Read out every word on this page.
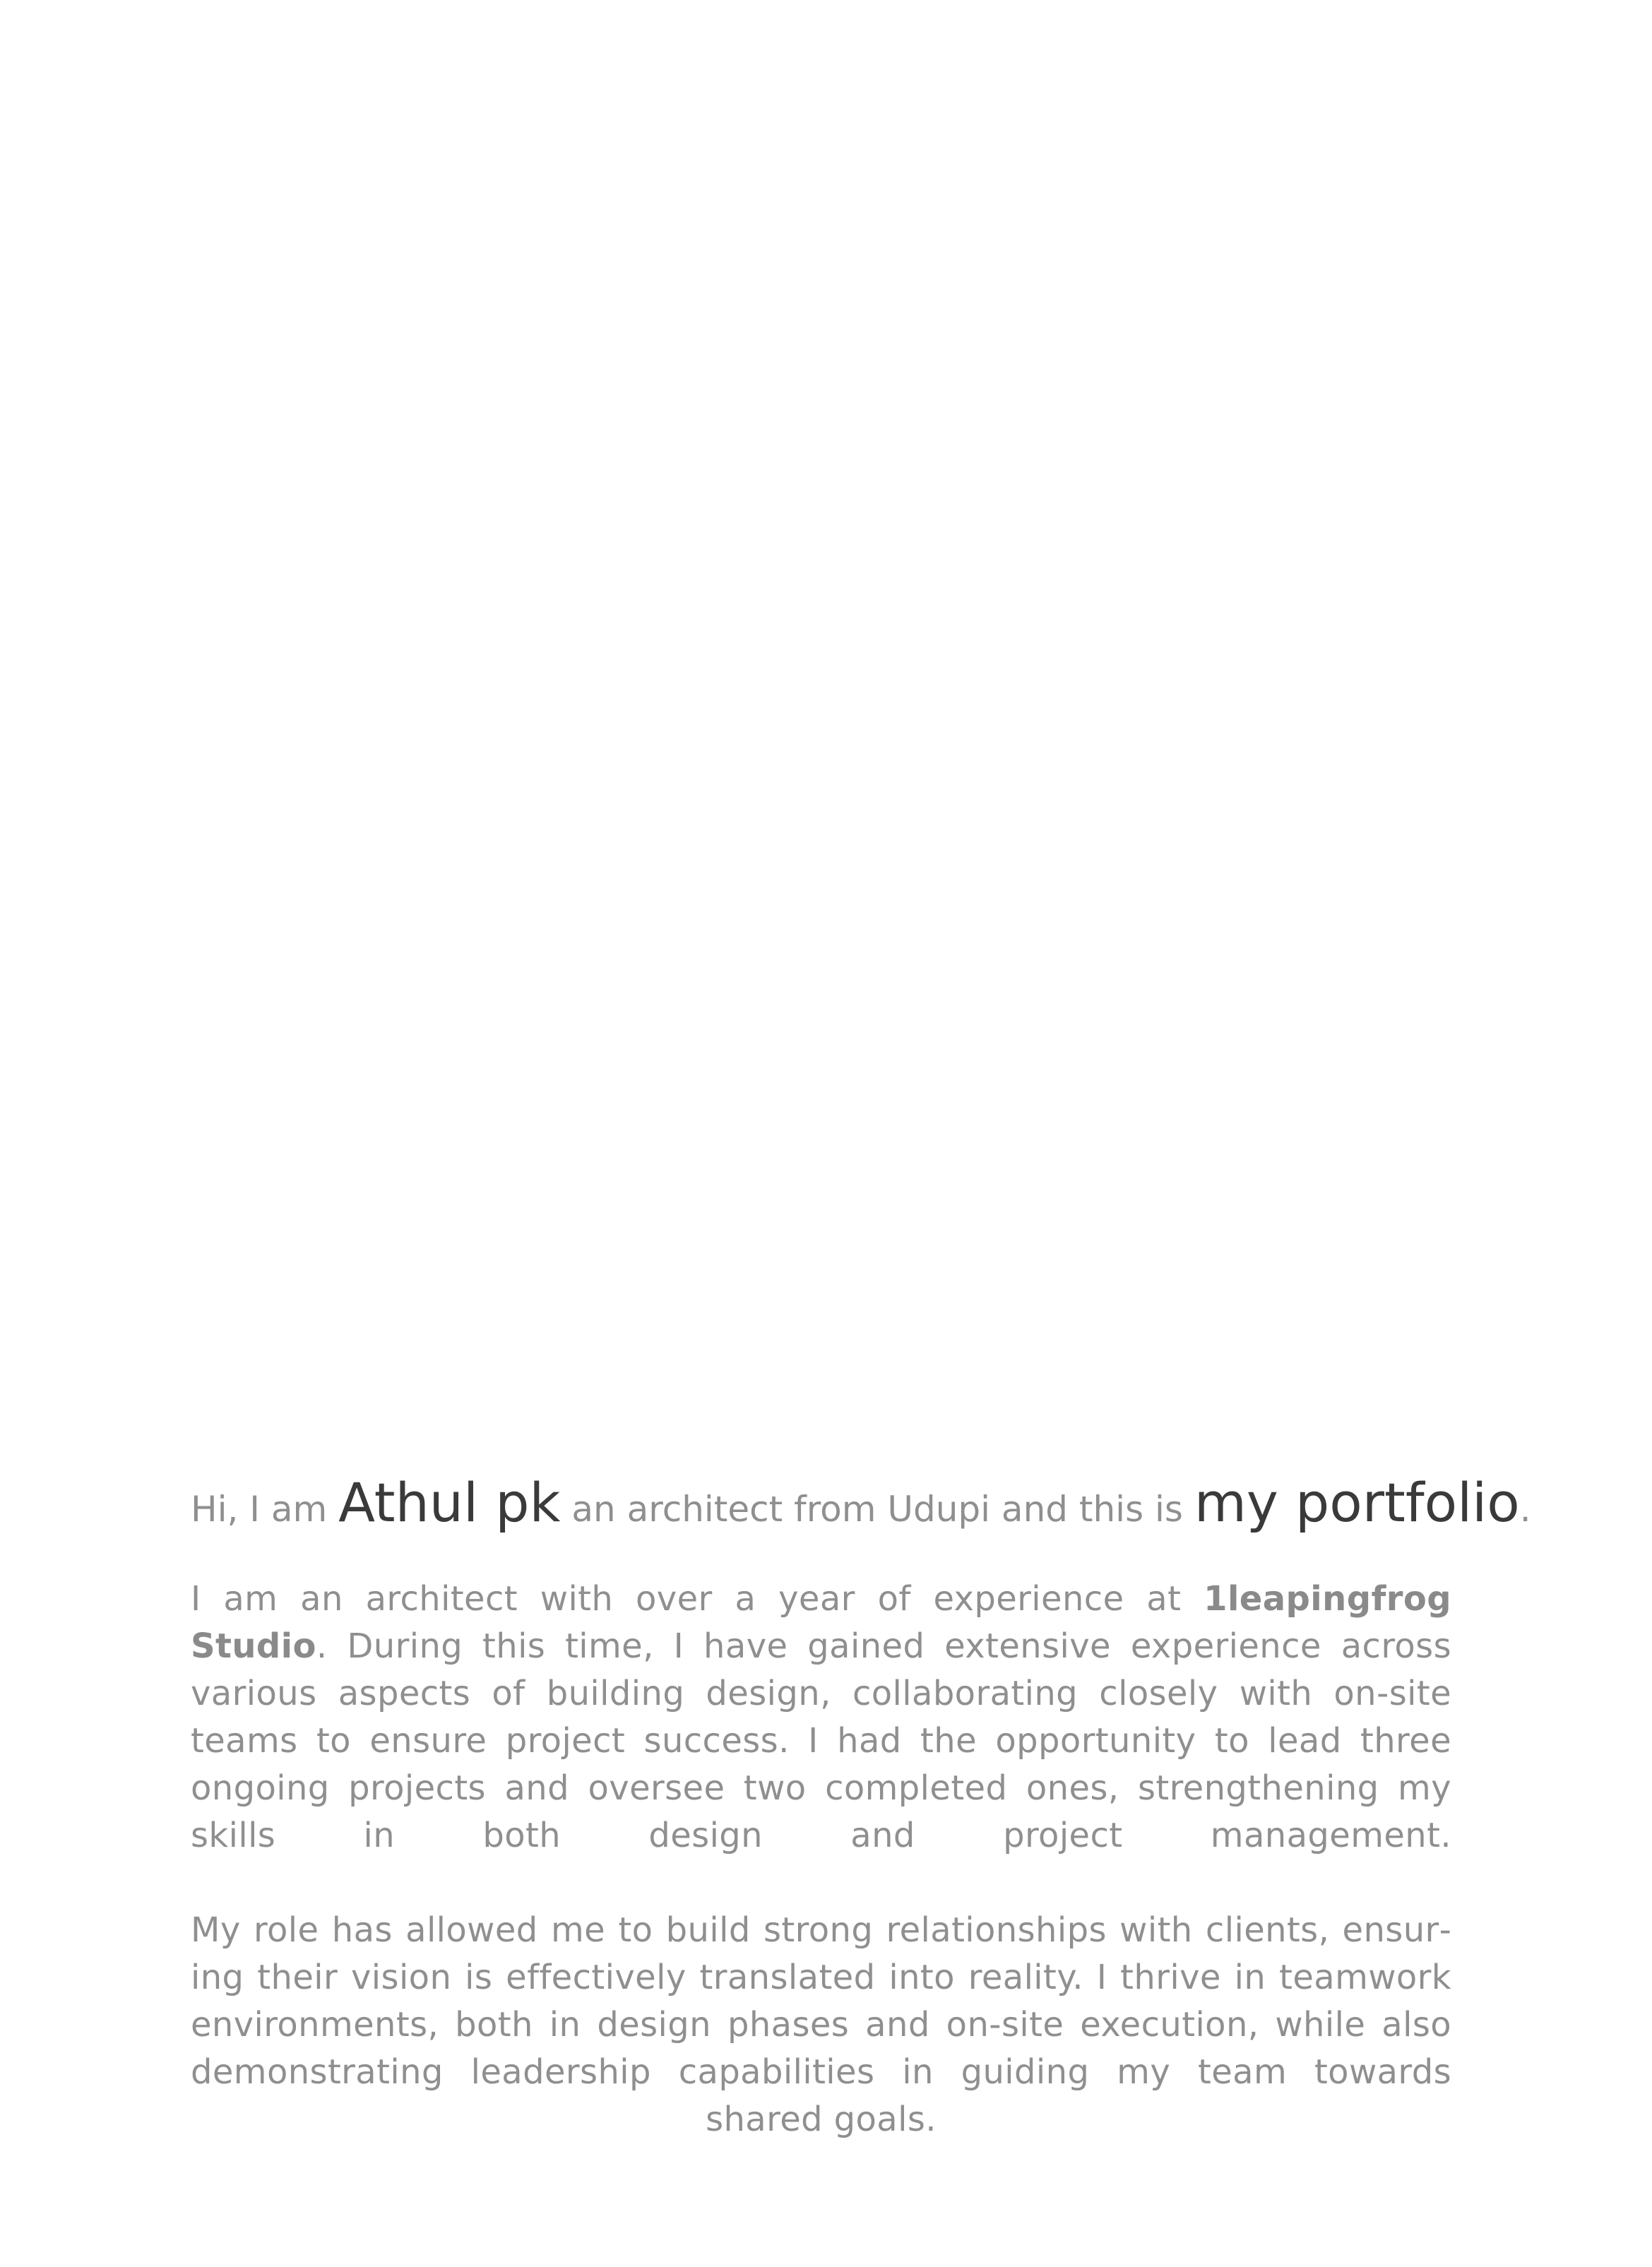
Hi, I am Athul pk an architect from Udupi and this is my portfolio.

I am an architect with over a year of experience at 1leapingfrog Studio. During this time, I have gained extensive experience across various aspects of building design, collaborating closely with on-site teams to ensure project success. I had the opportunity to lead three ongoing projects and oversee two completed ones, strengthening my skills in both design and project management.

My role has allowed me to build strong relationships with clients, ensuring their vision is effectively translated into reality. I thrive in teamwork environments, both in design phases and on-site execution, while also demonstrating leadership capabilities in guiding my team towards shared goals.
